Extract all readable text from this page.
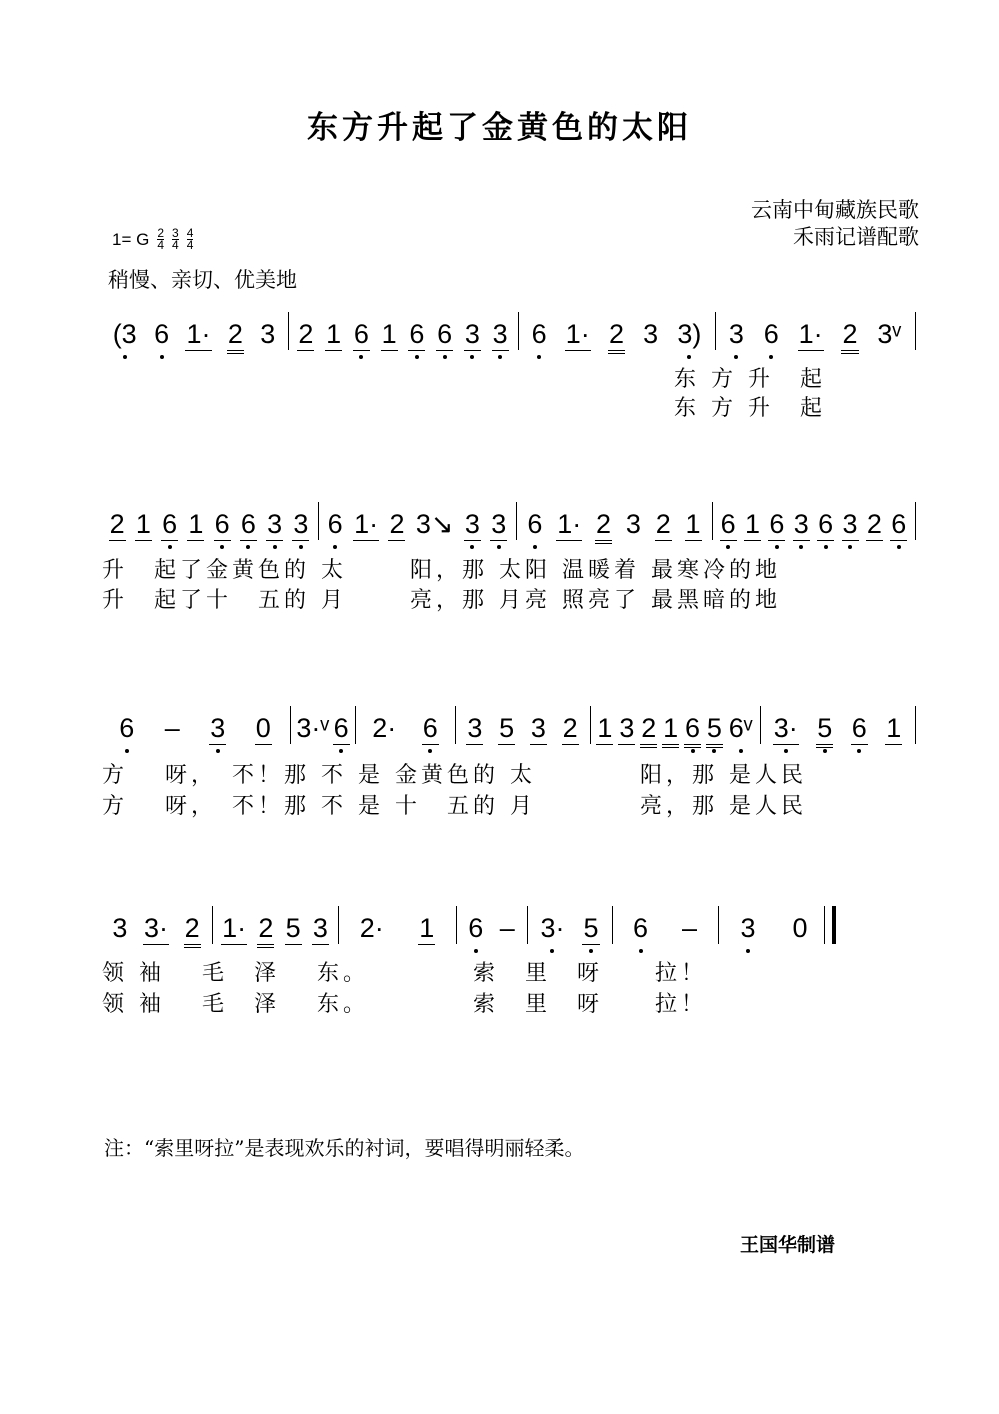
东方升起了金黄色的太阳
云南中甸藏族民歌
禾雨记谱配歌
1= G $\frac{2}{4} \frac{3}{4} \frac{4}{4}$
稍慢、亲切、优美地
(3 6 1· 2 3 2 1 6 1 6 6 3 3 6 1· 2 3 3) 3 6 1· 2 3ᵛ
　　　　　　　　　　　　　　　　　　　　　　东 方 升　起
　　　　　　　　　　　　　　　　　　　　　　东 方 升　起
2 1 6 1 6 6 3 3 6 1· 2 3↘ 3 3 6 1· 2 3 2 1 6 1 6 3 6 3 2 6
升　起了金黄色的 太　　 阳，那 太阳 温暖着 最寒冷的地
升　起了十　五的 月　　 亮，那 月亮 照亮了 最黑暗的地
6 – 3 0 3·ᵛ 6 2· 6 3 5 3 2 1 3 2 1 6 5 6ᵛ 3· 5 6 1
方　 呀，　不！那 不 是 金黄色的 太　　　　阳，那 是人民
方　 呀，　不！那 不 是 十　五的 月　　　　亮，那 是人民
3 3· 2 1· 2 5 3 2· 1 6 – 3· 5 6 – 3 0
领 袖　 毛　泽　 东。　　　　 索　里　呀　　拉！
领 袖　 毛　泽　 东。　　　　 索　里　呀　　拉！
注：“索里呀拉”是表现欢乐的衬词，要唱得明丽轻柔。
王国华制谱
